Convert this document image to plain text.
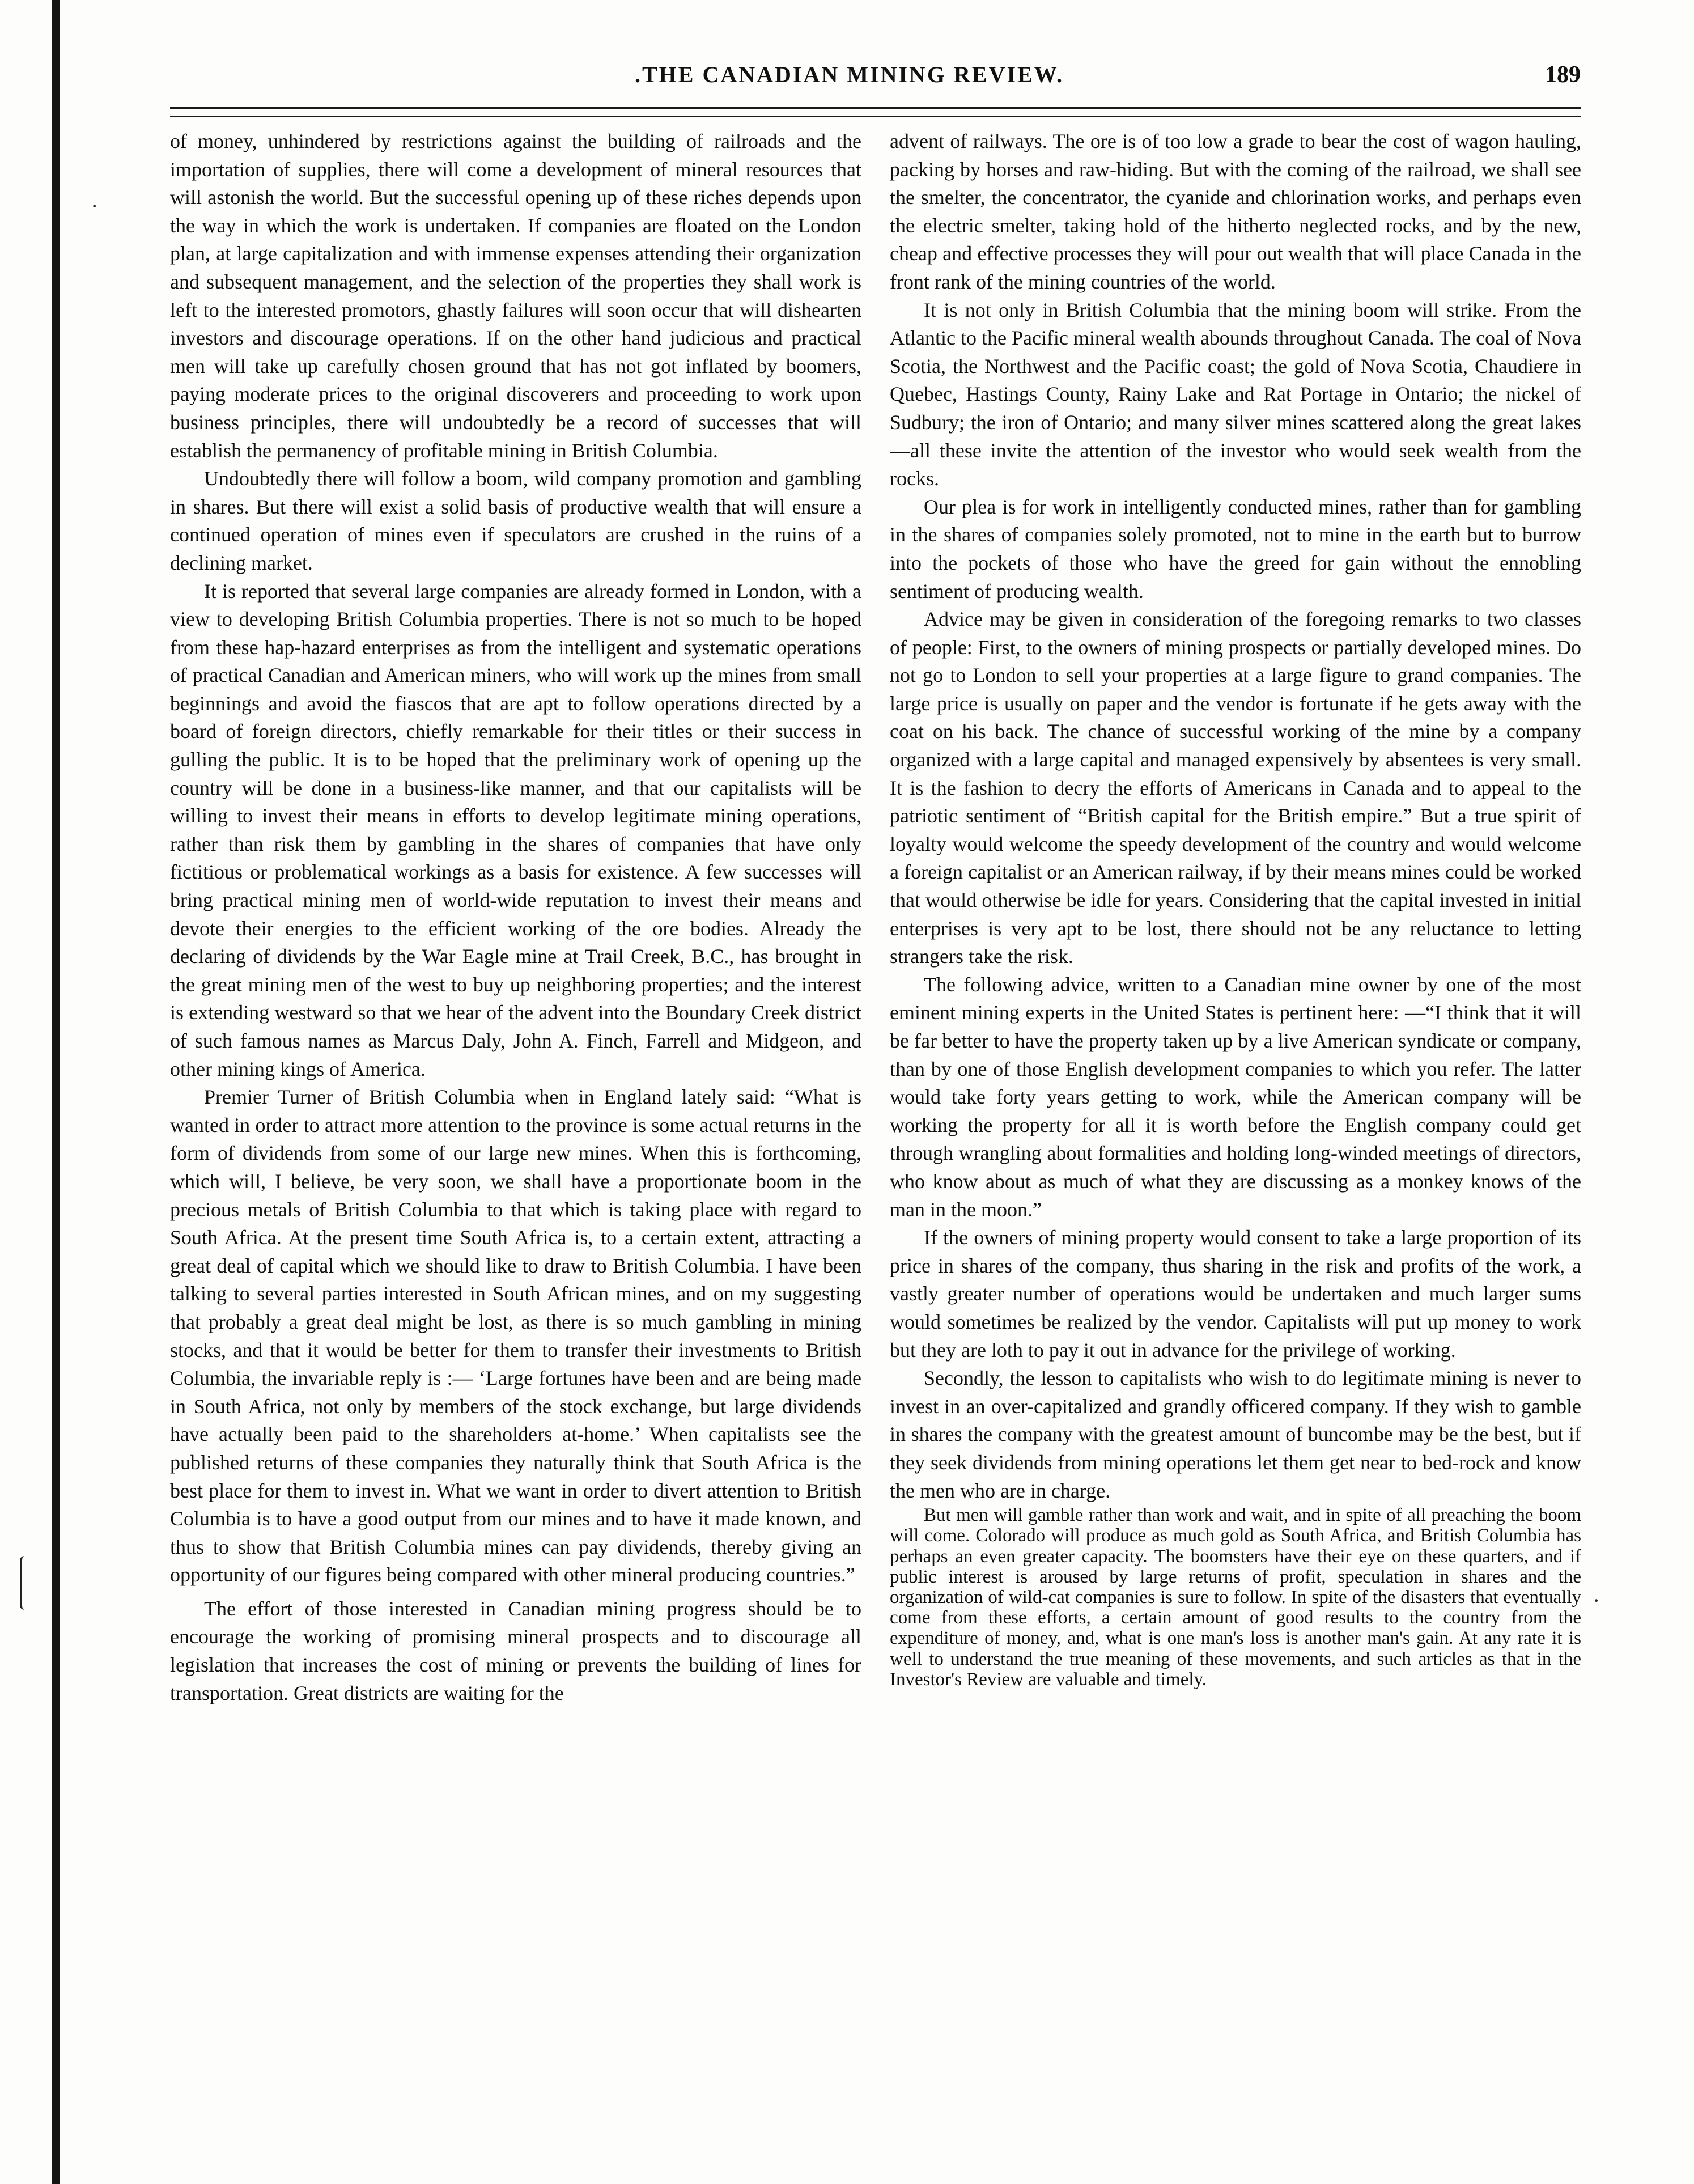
·
·
.THE CANADIAN MINING REVIEW.	189

of money, unhindered by restrictions against the building of railroads and the importation of supplies, there will come a development of mineral resources that will astonish the world. But the successful opening up of these riches depends upon the way in which the work is undertaken. If companies are floated on the London plan, at large capitalization and with immense expenses attending their organization and subsequent management, and the selection of the properties they shall work is left to the interested promotors, ghastly failures will soon occur that will dishearten investors and discourage operations. If on the other hand judicious and practical men will take up carefully chosen ground that has not got inflated by boomers, paying moderate prices to the original discoverers and proceeding to work upon business principles, there will undoubtedly be a record of successes that will establish the permanency of profitable mining in British Columbia.

Undoubtedly there will follow a boom, wild company promotion and gambling in shares. But there will exist a solid basis of productive wealth that will ensure a continued operation of mines even if speculators are crushed in the ruins of a declining market.

It is reported that several large companies are already formed in London, with a view to developing British Columbia properties. There is not so much to be hoped from these hap-hazard enterprises as from the intelligent and systematic operations of practical Canadian and American miners, who will work up the mines from small beginnings and avoid the fiascos that are apt to follow operations directed by a board of foreign directors, chiefly remarkable for their titles or their success in gulling the public. It is to be hoped that the preliminary work of opening up the country will be done in a business-like manner, and that our capitalists will be willing to invest their means in efforts to develop legitimate mining operations, rather than risk them by gambling in the shares of companies that have only fictitious or problematical workings as a basis for existence. A few successes will bring practical mining men of world-wide reputation to invest their means and devote their energies to the efficient working of the ore bodies. Already the declaring of dividends by the War Eagle mine at Trail Creek, B.C., has brought in the great mining men of the west to buy up neighboring properties; and the interest is extending westward so that we hear of the advent into the Boundary Creek district of such famous names as Marcus Daly, John A. Finch, Farrell and Midgeon, and other mining kings of America.

Premier Turner of British Columbia when in England lately said: “What is wanted in order to attract more attention to the province is some actual returns in the form of dividends from some of our large new mines. When this is forthcoming, which will, I believe, be very soon, we shall have a proportionate boom in the precious metals of British Columbia to that which is taking place with regard to South Africa. At the present time South Africa is, to a certain extent, attracting a great deal of capital which we should like to draw to British Columbia. I have been talking to several parties interested in South African mines, and on my suggesting that probably a great deal might be lost, as there is so much gambling in mining stocks, and that it would be better for them to transfer their investments to British Columbia, the invariable reply is :— ‘Large fortunes have been and are being made in South Africa, not only by members of the stock exchange, but large dividends have actually been paid to the shareholders at-home.’ When capitalists see the published returns of these companies they naturally think that South Africa is the best place for them to invest in. What we want in order to divert attention to British Columbia is to have a good output from our mines and to have it made known, and thus to show that British Columbia mines can pay dividends, thereby giving an opportunity of our figures being compared with other mineral producing countries.”

The effort of those interested in Canadian mining progress should be to encourage the working of promising mineral prospects and to discourage all legislation that increases the cost of mining or prevents the building of lines for transportation. Great districts are waiting for the

advent of railways. The ore is of too low a grade to bear the cost of wagon hauling, packing by horses and raw-hiding. But with the coming of the railroad, we shall see the smelter, the concentrator, the cyanide and chlorination works, and perhaps even the electric smelter, taking hold of the hitherto neglected rocks, and by the new, cheap and effective processes they will pour out wealth that will place Canada in the front rank of the mining countries of the world.

It is not only in British Columbia that the mining boom will strike. From the Atlantic to the Pacific mineral wealth abounds throughout Canada. The coal of Nova Scotia, the Northwest and the Pacific coast; the gold of Nova Scotia, Chaudiere in Quebec, Hastings County, Rainy Lake and Rat Portage in Ontario; the nickel of Sudbury; the iron of Ontario; and many silver mines scattered along the great lakes—all these invite the attention of the investor who would seek wealth from the rocks.

Our plea is for work in intelligently conducted mines, rather than for gambling in the shares of companies solely promoted, not to mine in the earth but to burrow into the pockets of those who have the greed for gain without the ennobling sentiment of producing wealth.

Advice may be given in consideration of the foregoing remarks to two classes of people: First, to the owners of mining prospects or partially developed mines. Do not go to London to sell your properties at a large figure to grand companies. The large price is usually on paper and the vendor is fortunate if he gets away with the coat on his back. The chance of successful working of the mine by a company organized with a large capital and managed expensively by absentees is very small. It is the fashion to decry the efforts of Americans in Canada and to appeal to the patriotic sentiment of “British capital for the British empire.” But a true spirit of loyalty would welcome the speedy development of the country and would welcome a foreign capitalist or an American railway, if by their means mines could be worked that would otherwise be idle for years. Considering that the capital invested in initial enterprises is very apt to be lost, there should not be any reluctance to letting strangers take the risk.

The following advice, written to a Canadian mine owner by one of the most eminent mining experts in the United States is pertinent here: —“I think that it will be far better to have the property taken up by a live American syndicate or company, than by one of those English development companies to which you refer. The latter would take forty years getting to work, while the American company will be working the property for all it is worth before the English company could get through wrangling about formalities and holding long-winded meetings of directors, who know about as much of what they are discussing as a monkey knows of the man in the moon.”

If the owners of mining property would consent to take a large proportion of its price in shares of the company, thus sharing in the risk and profits of the work, a vastly greater number of operations would be undertaken and much larger sums would sometimes be realized by the vendor. Capitalists will put up money to work but they are loth to pay it out in advance for the privilege of working.

Secondly, the lesson to capitalists who wish to do legitimate mining is never to invest in an over-capitalized and grandly officered company. If they wish to gamble in shares the company with the greatest amount of buncombe may be the best, but if they seek dividends from mining operations let them get near to bed-rock and know the men who are in charge.

But men will gamble rather than work and wait, and in spite of all preaching the boom will come. Colorado will produce as much gold as South Africa, and British Columbia has perhaps an even greater capacity. The boomsters have their eye on these quarters, and if public interest is aroused by large returns of profit, speculation in shares and the organization of wild-cat companies is sure to follow. In spite of the disasters that eventually come from these efforts, a certain amount of good results to the country from the expenditure of money, and, what is one man's loss is another man's gain. At any rate it is well to understand the true meaning of these movements, and such articles as that in the Investor's Review are valuable and timely.
